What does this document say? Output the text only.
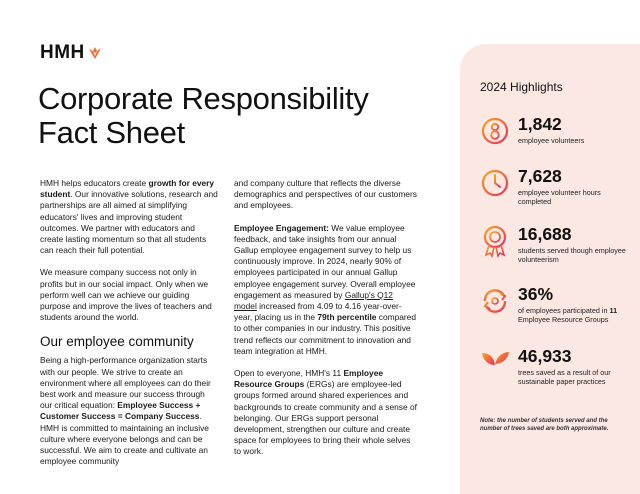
HMH
Corporate Responsibility
Fact Sheet

HMH helps educators create growth for every student. Our innovative solutions, research and partnerships are all aimed at simplifying educators' lives and improving student outcomes. We partner with educators and create lasting momentum so that all students can reach their full potential.

We measure company success not only in profits but in our social impact. Only when we perform well can we achieve our guiding purpose and improve the lives of teachers and students around the world.

Our employee community

Being a high-performance organization starts with our people. We strive to create an environment where all employees can do their best work and measure our success through our critical equation: Employee Success + Customer Success = Company Success. HMH is committed to maintaining an inclusive culture where everyone belongs and can be successful. We aim to create and cultivate an employee community

and company culture that reflects the diverse demographics and perspectives of our customers and employees.

Employee Engagement: We value employee feedback, and take insights from our annual Gallup employee engagement survey to help us continuously improve. In 2024, nearly 90% of employees participated in our annual Gallup employee engagement survey. Overall employee engagement as measured by Gallup's Q12 model increased from 4.09 to 4.16 year-over-year, placing us in the 79th percentile compared to other companies in our industry. This positive trend reflects our commitment to innovation and team integration at HMH.

Open to everyone, HMH's 11 Employee Resource Groups (ERGs) are employee-led groups formed around shared experiences and backgrounds to create community and a sense of belonging. Our ERGs support personal development, strengthen our culture and create space for employees to bring their whole selves to work.

2024 Highlights
1,842
employee volunteers
7,628
employee volunteer hours completed
16,688
students served though employee volunteerism
36%
of employees participated in 11 Employee Resource Groups
46,933
trees saved as a result of our sustainable paper practices
Note: the number of students served and the number of trees saved are both approximate.
